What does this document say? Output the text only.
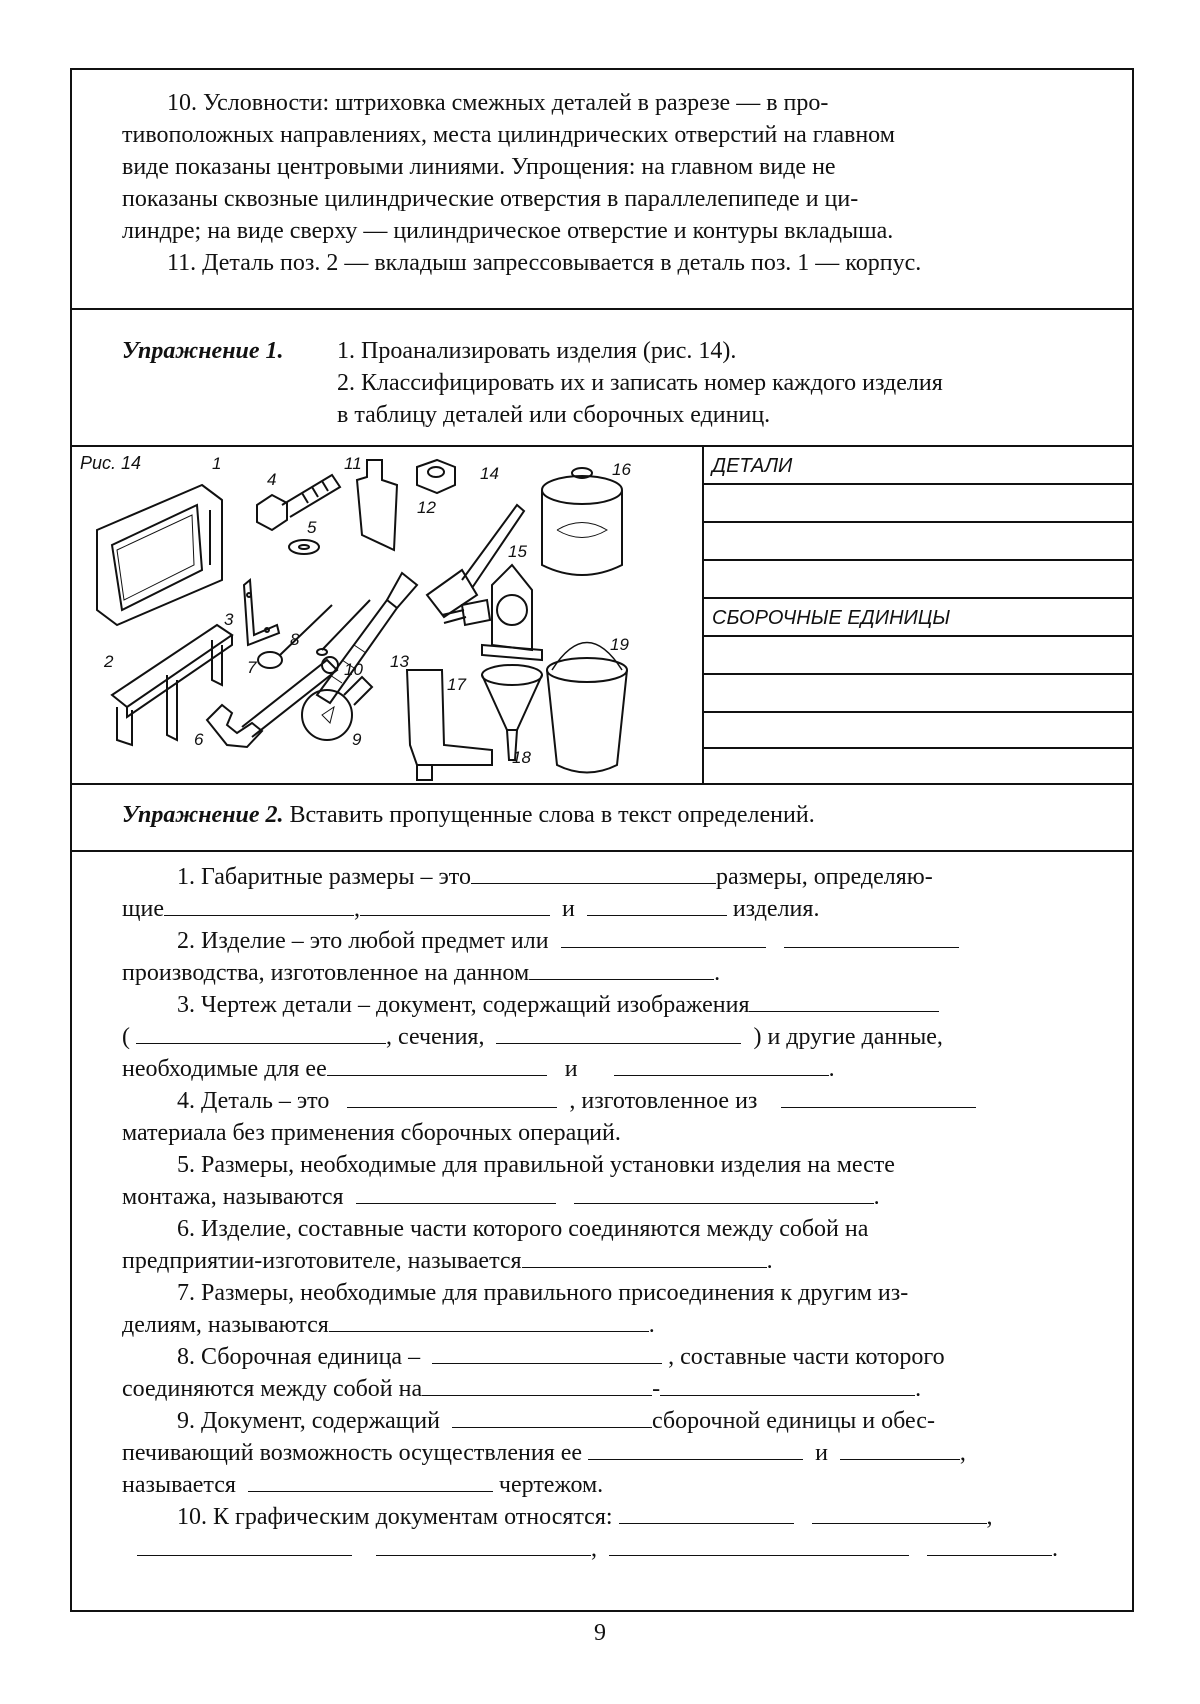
10. Условности: штриховка смежных деталей в разрезе — в про-
тивоположных направлениях, места цилиндрических отверстий на главном
виде показаны центровыми линиями. Упрощения: на главном виде не
показаны сквозные цилиндрические отверстия в параллелепипеде и ци-
линдре; на виде сверху — цилиндрическое отверстие и контуры вкладыша.
11. Деталь поз. 2 — вкладыш запрессовывается в деталь поз. 1 — корпус.
Упражнение 1. 1. Проанализировать изделия (рис. 14).
2. Классифицировать их и записать номер каждого изделия
в таблицу деталей или сборочных единиц.
Рис. 14	1
2
3
4
5
6
7
8
9
10
11
12
13
14
15
16
17
18
19
ДЕТАЛИ
СБОРОЧНЫЕ ЕДИНИЦЫ
Упражнение 2. Вставить пропущенные слова в текст определений.
1. Габаритные размеры – это	размеры, определяю-
щие	,	и	изделия.
2. Изделие – это любой предмет или
производства, изготовленное на данном	.
3. Чертеж детали – документ, содержащий изображения
(	, сечения,	) и другие данные,
необходимые для ее	и	.
4. Деталь – это	, изготовленное из
материала без применения сборочных операций.
5. Размеры, необходимые для правильной установки изделия на месте
монтажа, называются	.
6. Изделие, составные части которого соединяются между собой на
предприятии-изготовителе, называется	.
7. Размеры, необходимые для правильного присоединения к другим из-
делиям, называются	.
8. Сборочная единица –	, составные части которого
соединяются между собой на	-	.
9. Документ, содержащий	сборочной единицы и обес-
печивающий возможность осуществления ее	и	,
называется	чертежом.
10. К графическим документам относятся:	,
,	.
9
